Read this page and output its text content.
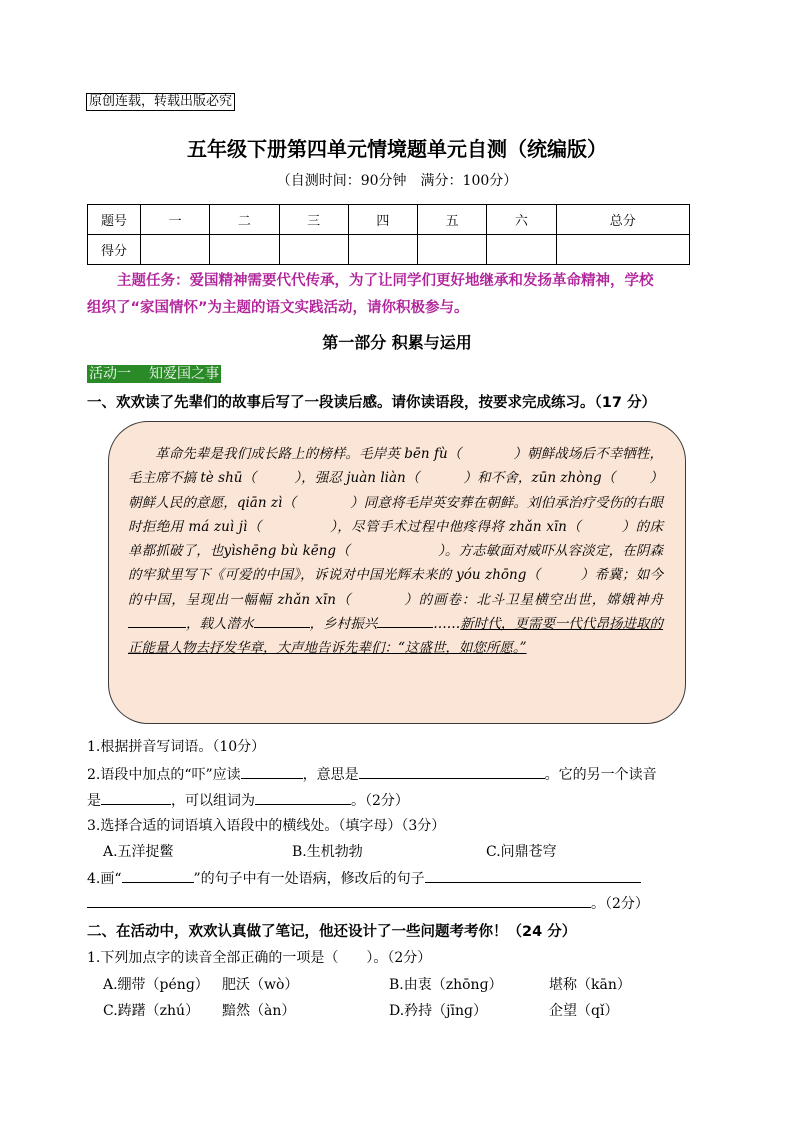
原创连载，转载出版必究
五年级下册第四单元情境题单元自测（统编版）
（自测时间：90分钟　满分：100分）
题号	一	二	三	四	五	六	总分
得分							
主题任务：爱国精神需要代代传承，为了让同学们更好地继承和发扬革命精神，学校
组织了“家国情怀”为主题的语文实践活动，请你积极参与。
第一部分 积累与运用
活动一 知爱国之事
一、欢欢读了先辈们的故事后写了一段读后感。请你读语段，按要求完成练习。（17 分）
革命先辈是我们成长路上的榜样。毛岸英 bēn fù（	）朝鲜战场后不幸牺牲，毛主席不搞 tè shū（	），强忍 juàn liàn（	）和不舍，zūn zhòng（	）朝鲜人民的意愿，qiān zì（	）同意将毛岸英安葬在朝鲜。刘伯承治疗受伤的右眼时拒绝用 má zuì jì（	），尽管手术过程中他疼得将 zhǎn xīn（	）的床单都抓破了，也yìshēng bù kēng（	）。方志敏面对威吓从容淡定，在阴森的牢狱里写下《可爱的中国》，诉说对中国光辉未来的 yóu zhōng（	）希冀；如今的中国，呈现出一幅幅 zhǎn xīn（	）的画卷：北斗卫星横空出世，嫦娥神舟，载人潜水	，乡村振兴	……新时代，更需要一代代昂扬进取的正能量人物去抒发华章，大声地告诉先辈们：“这盛世，如您所愿。”
1.根据拼音写词语。（10分）
2.语段中加点的“吓”应读	，意思是	。它的另一个读音
是	，可以组词为	。（2分）
3.选择合适的词语填入语段中的横线处。（填字母）（3分）
A.五洋捉鳖	B.生机勃勃	C.问鼎苍穹
4.画“	”的句子中有一处语病，修改后的句子
。（2分）
二、在活动中，欢欢认真做了笔记，他还设计了一些问题考考你！（24 分）
1.下列加点字的读音全部正确的一项是（　　）。（2分）
A.绷带（pénɡ） 肥沃（wò）	B.由衷（zhōnɡ）	堪称（kān）
C.踌躇（zhú） 黯然（àn）	D.矜持（jīnɡ）	企望（qǐ）
